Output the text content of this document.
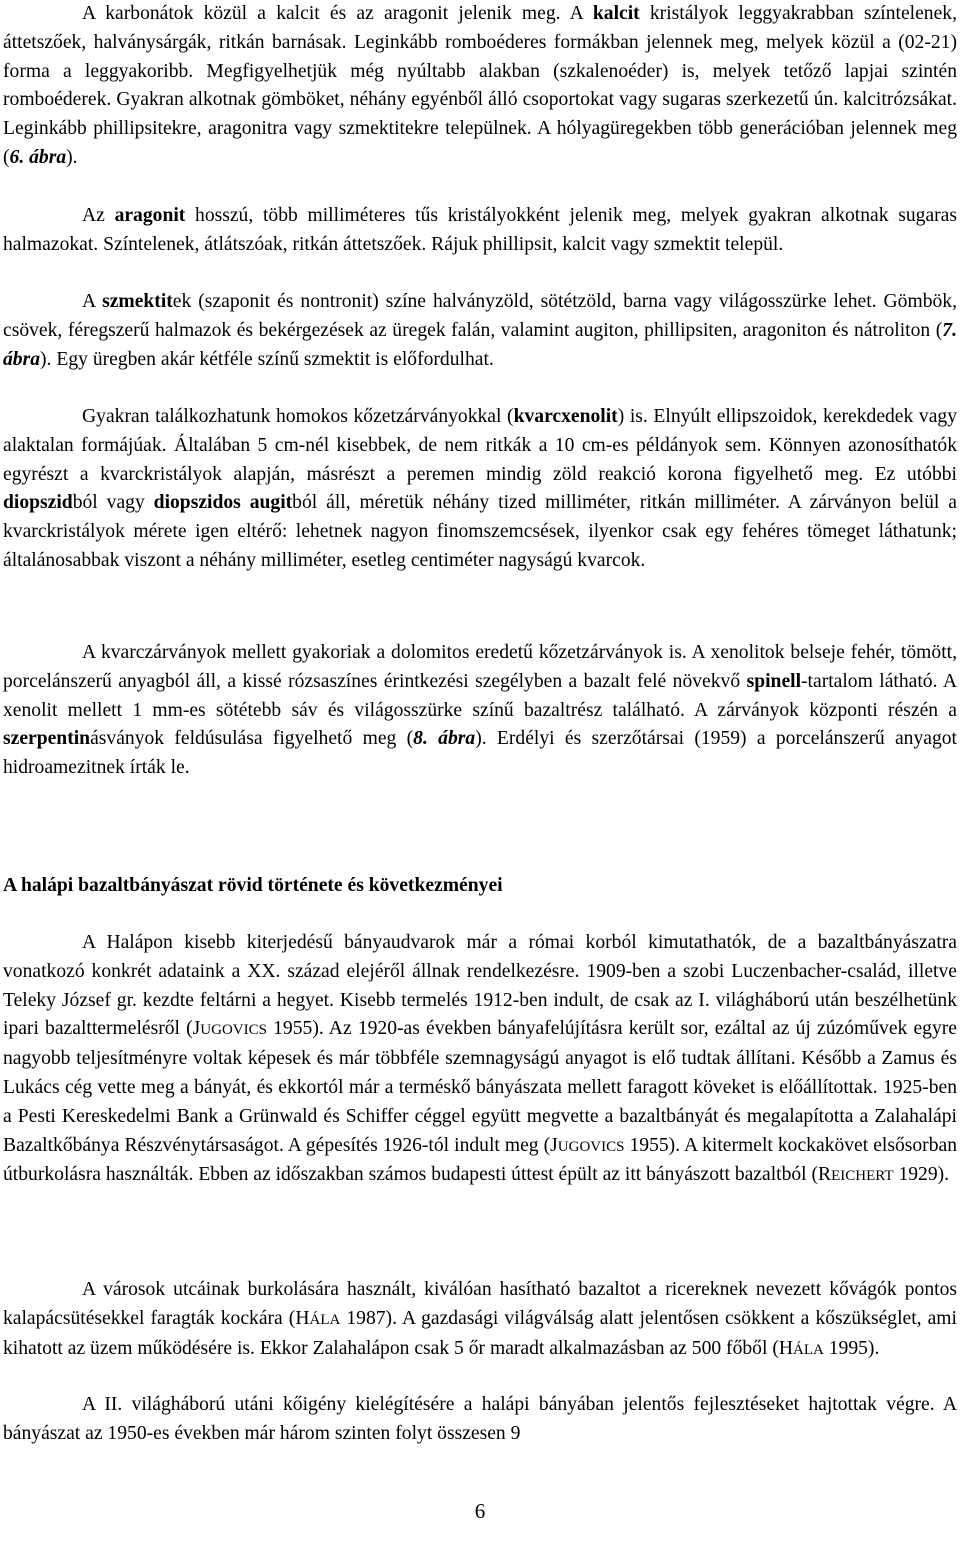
A karbonátok közül a kalcit és az aragonit jelenik meg. A kalcit kristályok leggyakrabban színtelenek, áttetszőek, halványsárgák, ritkán barnásak. Leginkább romboéderes formákban jelennek meg, melyek közül a (02-21) forma a leggyakoribb. Megfigyelhetjük még nyúltabb alakban (szkalenoéder) is, melyek tetőző lapjai szintén romboéderek. Gyakran alkotnak gömböket, néhány egyénből álló csoportokat vagy sugaras szerkezetű ún. kalcitrózsákat. Leginkább phillipsitekre, aragonitra vagy szmektitekre települnek. A hólyagüregekben több generációban jelennek meg (6. ábra).

Az aragonit hosszú, több milliméteres tűs kristályokként jelenik meg, melyek gyakran alkotnak sugaras halmazokat. Színtelenek, átlátszóak, ritkán áttetszőek. Rájuk phillipsit, kalcit vagy szmektit települ.

A szmektitek (szaponit és nontronit) színe halványzöld, sötétzöld, barna vagy világosszürke lehet. Gömbök, csövek, féregszerű halmazok és bekérgezések az üregek falán, valamint augiton, phillipsiten, aragoniton és nátroliton (7. ábra). Egy üregben akár kétféle színű szmektit is előfordulhat.

Gyakran találkozhatunk homokos kőzetzárványokkal (kvarcxenolit) is. Elnyúlt ellipszoidok, kerekdedek vagy alaktalan formájúak. Általában 5 cm-nél kisebbek, de nem ritkák a 10 cm-es példányok sem. Könnyen azonosíthatók egyrészt a kvarckristályok alapján, másrészt a peremen mindig zöld reakció korona figyelhető meg. Ez utóbbi diopszidból vagy diopszidos augitból áll, méretük néhány tized milliméter, ritkán milliméter. A zárványon belül a kvarckristályok mérete igen eltérő: lehetnek nagyon finomszemcsések, ilyenkor csak egy fehéres tömeget láthatunk; általánosabbak viszont a néhány milliméter, esetleg centiméter nagyságú kvarcok.

A kvarczárványok mellett gyakoriak a dolomitos eredetű kőzetzárványok is. A xenolitok belseje fehér, tömött, porcelánszerű anyagból áll, a kissé rózsaszínes érintkezési szegélyben a bazalt felé növekvő spinell-tartalom látható. A xenolit mellett 1 mm-es sötétebb sáv és világosszürke színű bazaltrész található. A zárványok központi részén a szerpentinásványok feldúsulása figyelhető meg (8. ábra). Erdélyi és szerzőtársai (1959) a porcelánszerű anyagot hidroamezitnek írták le.

A halápi bazaltbányászat rövid története és következményei

A Halápon kisebb kiterjedésű bányaudvarok már a római korból kimutathatók, de a bazaltbányászatra vonatkozó konkrét adataink a XX. század elejéről állnak rendelkezésre. 1909-ben a szobi Luczenbacher-család, illetve Teleky József gr. kezdte feltárni a hegyet. Kisebb termelés 1912-ben indult, de csak az I. világháború után beszélhetünk ipari bazalttermelésről (JUGOVICS 1955). Az 1920-as években bányafelújításra került sor, ezáltal az új zúzóművek egyre nagyobb teljesítményre voltak képesek és már többféle szemnagyságú anyagot is elő tudtak állítani. Később a Zamus és Lukács cég vette meg a bányát, és ekkortól már a terméskő bányászata mellett faragott köveket is előállítottak. 1925-ben a Pesti Kereskedelmi Bank a Grünwald és Schiffer céggel együtt megvette a bazaltbányát és megalapította a Zalahalápi Bazaltkőbánya Részvénytársaságot. A gépesítés 1926-tól indult meg (JUGOVICS 1955). A kitermelt kockakövet elsősorban útburkolásra használták. Ebben az időszakban számos budapesti úttest épült az itt bányászott bazaltból (REICHERT 1929).

A városok utcáinak burkolására használt, kiválóan hasítható bazaltot a ricereknek nevezett kővágók pontos kalapácsütésekkel faragták kockára (HÁLA 1987). A gazdasági világválság alatt jelentősen csökkent a kőszükséglet, ami kihatott az üzem működésére is. Ekkor Zalahalápon csak 5 őr maradt alkalmazásban az 500 főből (HÁLA 1995).

A II. világháború utáni kőigény kielégítésére a halápi bányában jelentős fejlesztéseket hajtottak végre. A bányászat az 1950-es években már három szinten folyt összesen 9

6
